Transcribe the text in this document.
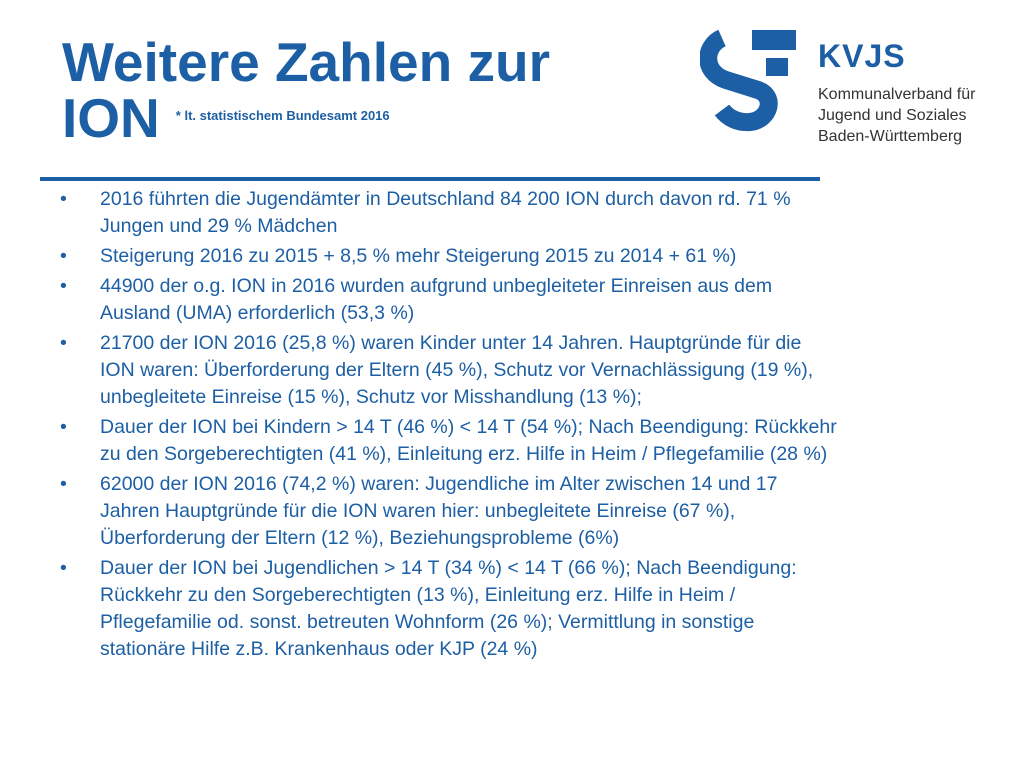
Weitere Zahlen zur
ION * lt. statistischem Bundesamt 2016

KVJS

Kommunalverband für
Jugend und Soziales
Baden-Württemberg

• 2016 führten die Jugendämter in Deutschland 84 200 ION durch davon rd. 71 %
Jungen und 29 % Mädchen
• Steigerung 2016 zu 2015 + 8,5 % mehr Steigerung 2015 zu 2014 + 61 %)
• 44900 der o.g. ION in 2016 wurden aufgrund unbegleiteter Einreisen aus dem
Ausland (UMA) erforderlich (53,3 %)
• 21700 der ION 2016 (25,8 %) waren Kinder unter 14 Jahren. Hauptgründe für die
ION waren: Überforderung der Eltern (45 %), Schutz vor Vernachlässigung (19 %),
unbegleitete Einreise (15 %), Schutz vor Misshandlung (13 %);
• Dauer der ION bei Kindern > 14 T (46 %) < 14 T (54 %); Nach Beendigung: Rückkehr
zu den Sorgeberechtigten (41 %), Einleitung erz. Hilfe in Heim / Pflegefamilie (28 %)
• 62000 der ION 2016 (74,2 %) waren: Jugendliche im Alter zwischen 14 und 17
Jahren Hauptgründe für die ION waren hier: unbegleitete Einreise (67 %),
Überforderung der Eltern (12 %), Beziehungsprobleme (6%)
• Dauer der ION bei Jugendlichen > 14 T (34 %) < 14 T (66 %); Nach Beendigung:
Rückkehr zu den Sorgeberechtigten (13 %), Einleitung erz. Hilfe in Heim /
Pflegefamilie od. sonst. betreuten Wohnform (26 %); Vermittlung in sonstige
stationäre Hilfe z.B. Krankenhaus oder KJP (24 %)
